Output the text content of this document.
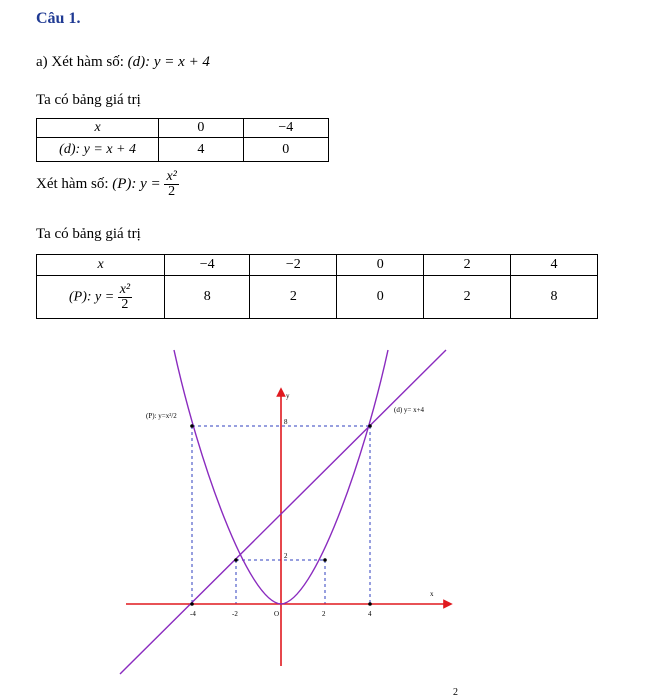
Câu 1.
a) Xét hàm số: (d): y = x + 4
Ta có bảng giá trị
x	0	−4
(d): y = x + 4	4	0
Xét hàm số: (P): $y = \frac{\text{x²}}{2}$
Ta có bảng giá trị
x	−4	−2	0	2	4
(P): $y = \frac{\text{x²}}{2}$	8	2	0	2	8
y
x
8
2
-4	-2	O	2	4
(P): y=x²/2
(d) y= x+4
2
